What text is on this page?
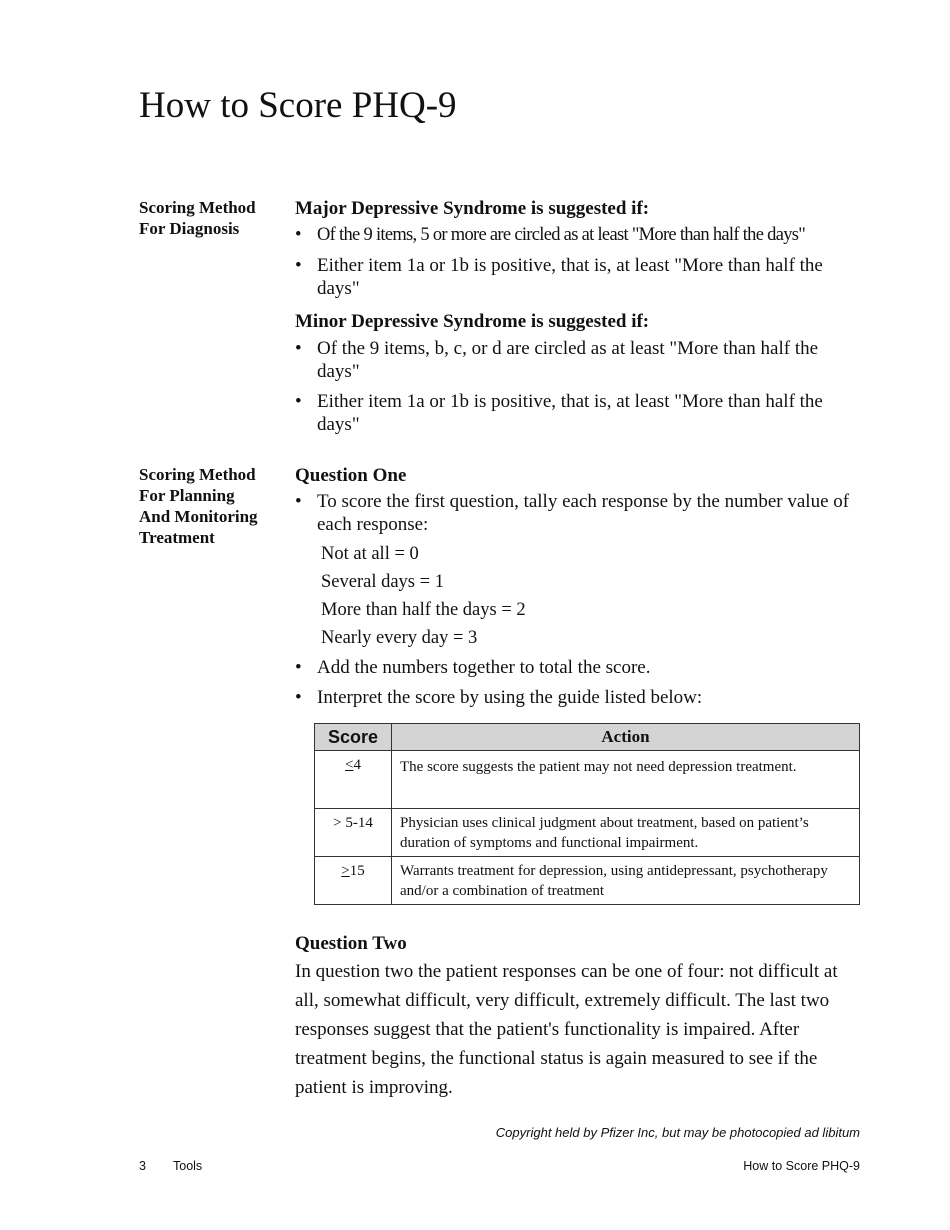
How to Score PHQ-9
Scoring Method
For Diagnosis
Major Depressive Syndrome is suggested if:
• Of the 9 items, 5 or more are circled as at least "More than half the days"
• Either item 1a or 1b is positive, that is, at least "More than half the days"
Minor Depressive Syndrome is suggested if:
• Of the 9 items, b, c, or d are circled as at least "More than half the days"
• Either item 1a or 1b is positive, that is, at least "More than half the days"
Scoring Method
For Planning
And Monitoring
Treatment
Question One
• To score the first question, tally each response by the number value of each response:
Not at all = 0
Several days = 1
More than half the days = 2
Nearly every day = 3
• Add the numbers together to total the score.
• Interpret the score by using the guide listed below:
Score	Action
<4	The score suggests the patient may not need depression treatment.
> 5-14	Physician uses clinical judgment about treatment, based on patient’s duration of symptoms and functional impairment.
>15	Warrants treatment for depression, using antidepressant, psychotherapy and/or a combination of treatment
Question Two

In question two the patient responses can be one of four: not difficult at all, somewhat difficult, very difficult, extremely difficult. The last two responses suggest that the patient's functionality is impaired. After treatment begins, the functional status is again measured to see if the patient is improving.

Copyright held by Pfizer Inc, but may be photocopied ad libitum
3 Tools	How to Score PHQ-9
